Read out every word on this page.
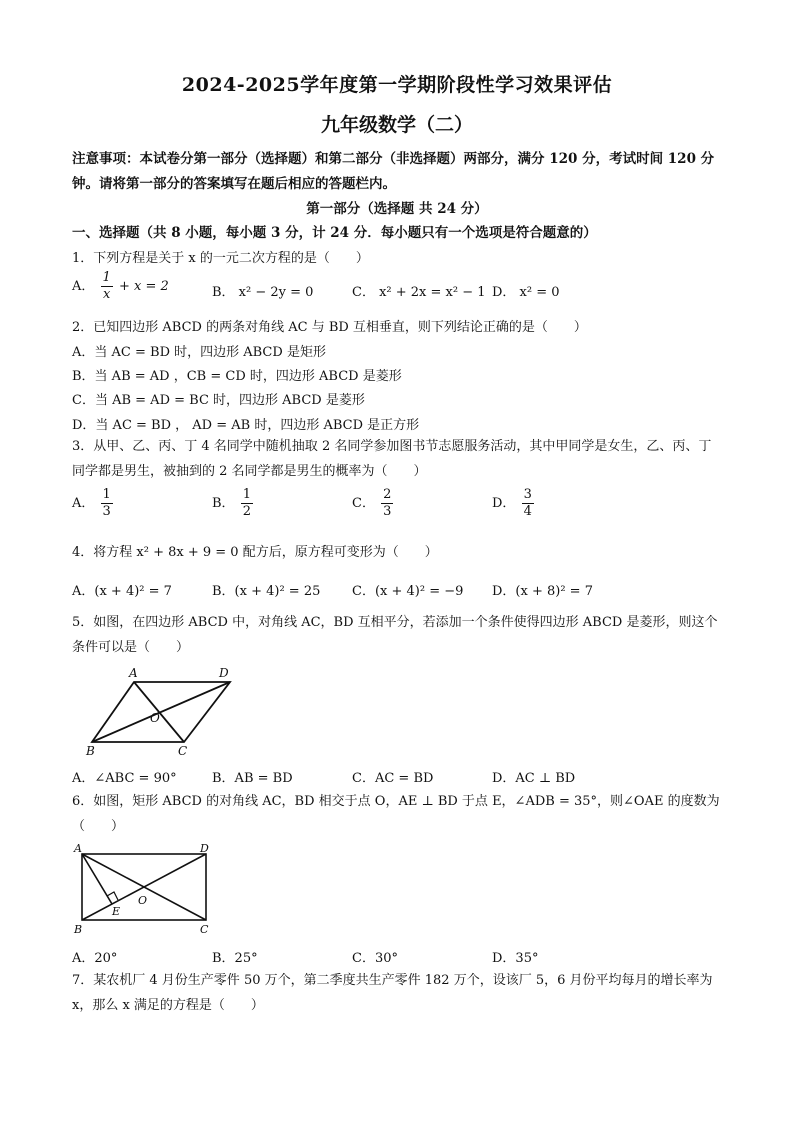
2024-2025学年度第一学期阶段性学习效果评估
九年级数学（二）
注意事项：本试卷分第一部分（选择题）和第二部分（非选择题）两部分，满分 120 分，考试时间 120 分钟。请将第一部分的答案填写在题后相应的答题栏内。
第一部分（选择题 共 24 分）
一、选择题（共 8 小题，每小题 3 分，计 24 分．每小题只有一个选项是符合题意的）
1．下列方程是关于 x 的一元二次方程的是（　　）
A． $\frac{1}{x} + x = 2$	B． x² − 2y = 0	C． x² + 2x = x² − 1 D． x² = 0
2．已知四边形 ABCD 的两条对角线 AC 与 BD 互相垂直，则下列结论正确的是（　　）
A．当 AC = BD 时，四边形 ABCD 是矩形
B．当 AB = AD ，CB = CD 时，四边形 ABCD 是菱形
C．当 AB = AD = BC 时，四边形 ABCD 是菱形
D．当 AC = BD ， AD = AB 时，四边形 ABCD 是正方形
3．从甲、乙、丙、丁 4 名同学中随机抽取 2 名同学参加图书节志愿服务活动，其中甲同学是女生，乙、丙、丁同学都是男生，被抽到的 2 名同学都是男生的概率为（　　）
A． $\frac{1}{3}$	B． $\frac{1}{2}$	C． $\frac{2}{3}$	D． $\frac{3}{4}$
4．将方程 x² + 8x + 9 = 0 配方后，原方程可变形为（　　）
A．(x + 4)² = 7	B．(x + 4)² = 25 C．(x + 4)² = −9 D．(x + 8)² = 7
5．如图，在四边形 ABCD 中，对角线 AC，BD 互相平分，若添加一个条件使得四边形 ABCD 是菱形，则这个条件可以是（　　）
A	D
O
B	C
A．∠ABC = 90°	B．AB = BD	C．AC = BD	D．AC ⊥ BD
6．如图，矩形 ABCD 的对角线 AC，BD 相交于点 O，AE ⊥ BD 于点 E，∠ADB = 35°，则∠OAE 的度数为（　　）
A	D
E
O
B	C
A．20°	B．25°	C．30°	D．35°
7．某农机厂 4 月份生产零件 50 万个，第二季度共生产零件 182 万个，设该厂 5，6 月份平均每月的增长率为 x，那么 x 满足的方程是（　　）
